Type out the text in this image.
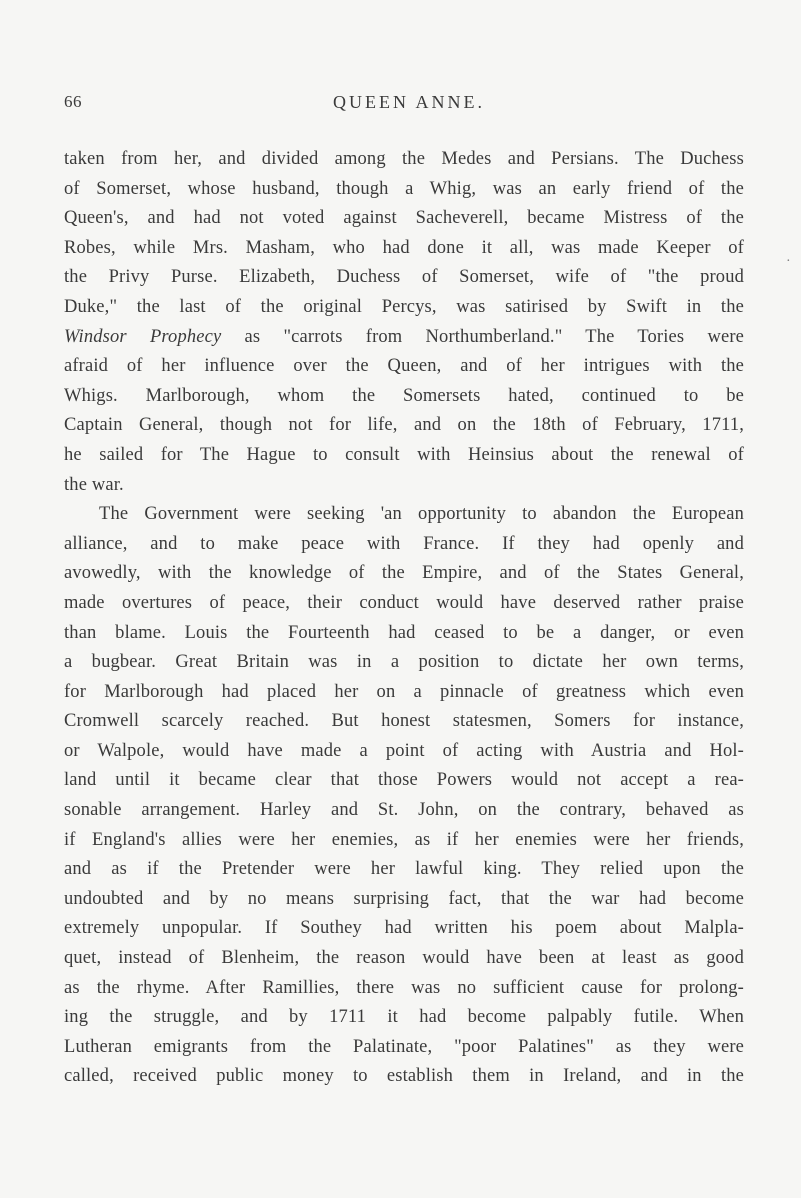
66	QUEEN ANNE.
taken from her, and divided among the Medes and Persians. The Duchess
of Somerset, whose husband, though a Whig, was an early friend of the
Queen's, and had not voted against Sacheverell, became Mistress of the
Robes, while Mrs. Masham, who had done it all, was made Keeper of
the Privy Purse. Elizabeth, Duchess of Somerset, wife of "the proud
Duke," the last of the original Percys, was satirised by Swift in the
Windsor Prophecy as "carrots from Northumberland." The Tories were
afraid of her influence over the Queen, and of her intrigues with the
Whigs. Marlborough, whom the Somersets hated, continued to be
Captain General, though not for life, and on the 18th of February, 1711,
he sailed for The Hague to consult with Heinsius about the renewal of
the war.
The Government were seeking 'an opportunity to abandon the European
alliance, and to make peace with France. If they had openly and
avowedly, with the knowledge of the Empire, and of the States General,
made overtures of peace, their conduct would have deserved rather praise
than blame. Louis the Fourteenth had ceased to be a danger, or even
a bugbear. Great Britain was in a position to dictate her own terms,
for Marlborough had placed her on a pinnacle of greatness which even
Cromwell scarcely reached. But honest statesmen, Somers for instance,
or Walpole, would have made a point of acting with Austria and Hol-
land until it became clear that those Powers would not accept a rea-
sonable arrangement. Harley and St. John, on the contrary, behaved as
if England's allies were her enemies, as if her enemies were her friends,
and as if the Pretender were her lawful king. They relied upon the
undoubted and by no means surprising fact, that the war had become
extremely unpopular. If Southey had written his poem about Malpla-
quet, instead of Blenheim, the reason would have been at least as good
as the rhyme. After Ramillies, there was no sufficient cause for prolong-
ing the struggle, and by 1711 it had become palpably futile. When
Lutheran emigrants from the Palatinate, "poor Palatines" as they were
called, received public money to establish them in Ireland, and in the
·
